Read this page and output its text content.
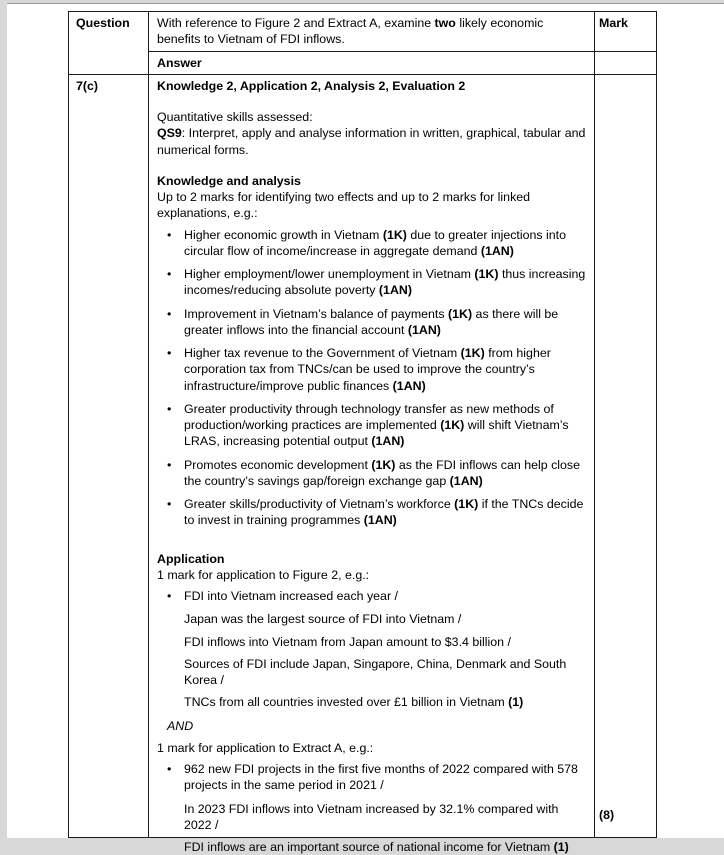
Question	With reference to Figure 2 and Extract A, examine two likely economic benefits to Vietnam of FDI inflows.	Mark
	Answer	
7(c)	Knowledge 2, Application 2, Analysis 2, Evaluation 2
Quantitative skills assessed:
QS9: Interpret, apply and analyse information in written, graphical, tabular and numerical forms.
Knowledge and analysis
Up to 2 marks for identifying two effects and up to 2 marks for linked explanations, e.g.:
•	Higher economic growth in Vietnam (1K) due to greater injections into circular flow of income/increase in aggregate demand (1AN)
•	Higher employment/lower unemployment in Vietnam (1K) thus increasing incomes/reducing absolute poverty (1AN)
•	Improvement in Vietnam’s balance of payments (1K) as there will be greater inflows into the financial account (1AN)
•	Higher tax revenue to the Government of Vietnam (1K) from higher corporation tax from TNCs/can be used to improve the country’s infrastructure/improve public finances (1AN)
•	Greater productivity through technology transfer as new methods of production/working practices are implemented (1K) will shift Vietnam’s LRAS, increasing potential output (1AN)
•	Promotes economic development (1K) as the FDI inflows can help close the country’s savings gap/foreign exchange gap (1AN)
•	Greater skills/productivity of Vietnam’s workforce (1K) if the TNCs decide to invest in training programmes (1AN)
Application
1 mark for application to Figure 2, e.g.:
•	FDI into Vietnam increased each year /
Japan was the largest source of FDI into Vietnam /
FDI inflows into Vietnam from Japan amount to $3.4 billion /
Sources of FDI include Japan, Singapore, China, Denmark and South Korea /
TNCs from all countries invested over £1 billion in Vietnam (1)
AND
1 mark for application to Extract A, e.g.:
•	962 new FDI projects in the first five months of 2022 compared with 578 projects in the same period in 2021 /
In 2023 FDI inflows into Vietnam increased by 32.1% compared with 2022 /
FDI inflows are an important source of national income for Vietnam (1)
	(8)
